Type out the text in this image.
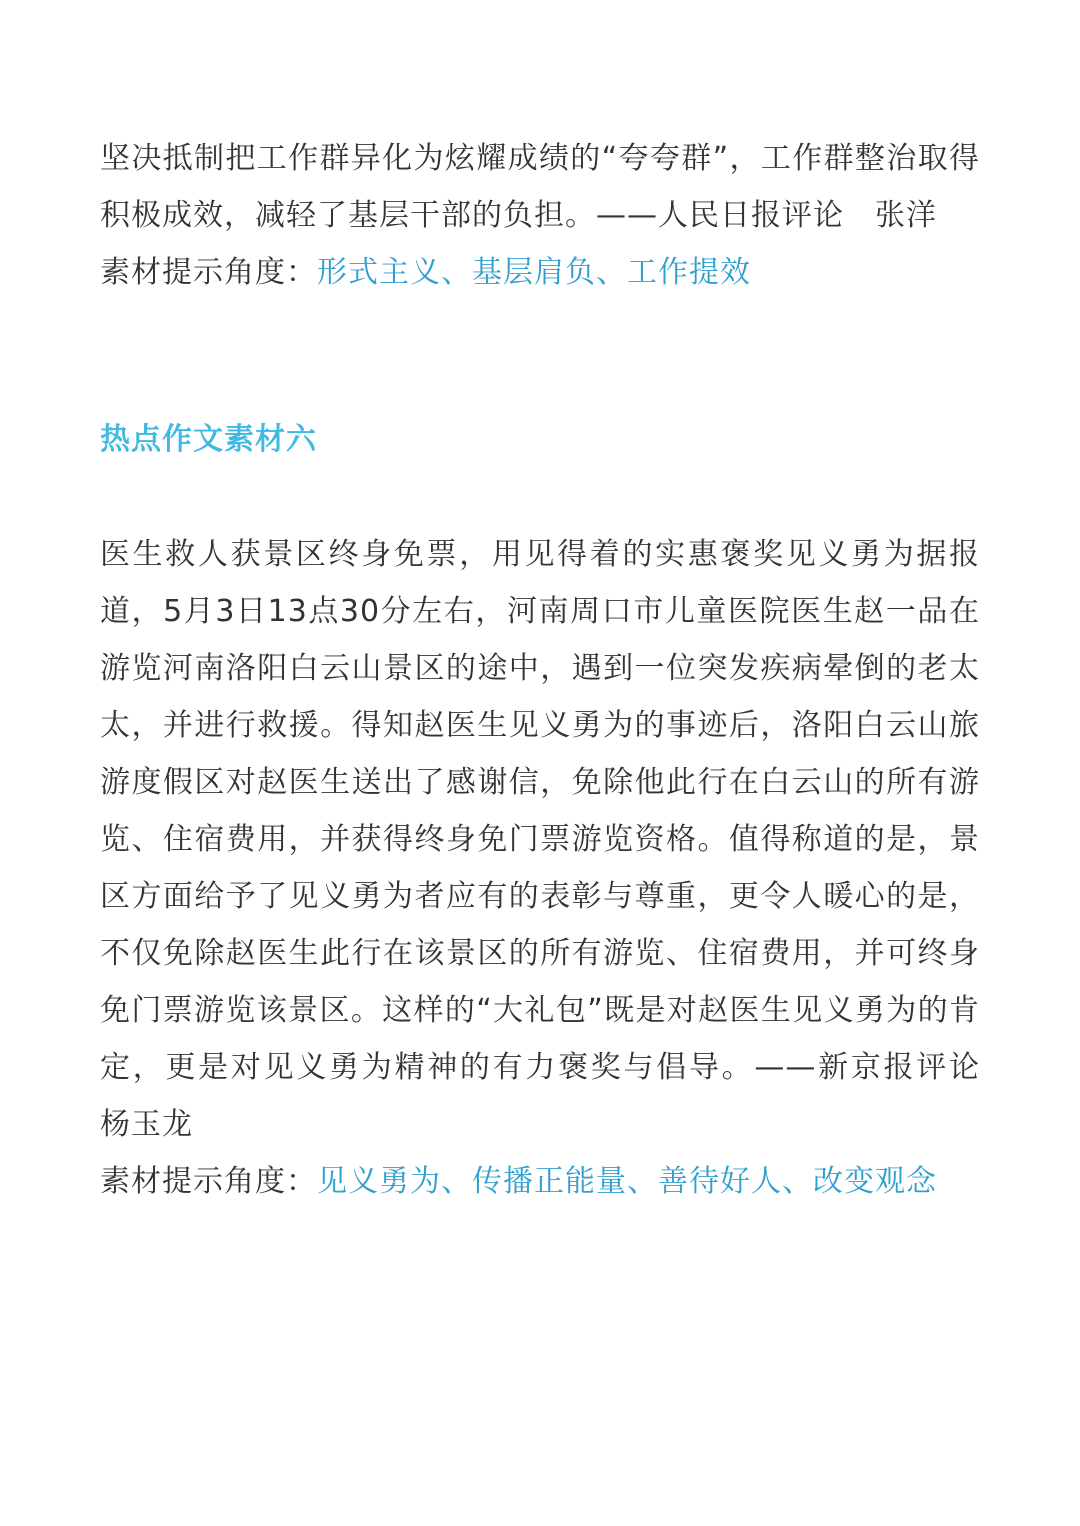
坚决抵制把工作群异化为炫耀成绩的“夸夸群”，工作群整治取得积极成效，减轻了基层干部的负担。——人民日报评论　张洋

素材提示角度：形式主义、基层肩负、工作提效

热点作文素材六

医生救人获景区终身免票，用见得着的实惠褒奖见义勇为据报道，5月3日13点30分左右，河南周口市儿童医院医生赵一品在游览河南洛阳白云山景区的途中，遇到一位突发疾病晕倒的老太太，并进行救援。得知赵医生见义勇为的事迹后，洛阳白云山旅游度假区对赵医生送出了感谢信，免除他此行在白云山的所有游览、住宿费用，并获得终身免门票游览资格。值得称道的是，景区方面给予了见义勇为者应有的表彰与尊重，更令人暖心的是，不仅免除赵医生此行在该景区的所有游览、住宿费用，并可终身免门票游览该景区。这样的“大礼包”既是对赵医生见义勇为的肯定，更是对见义勇为精神的有力褒奖与倡导。——新京报评论　杨玉龙

素材提示角度：见义勇为、传播正能量、善待好人、改变观念
